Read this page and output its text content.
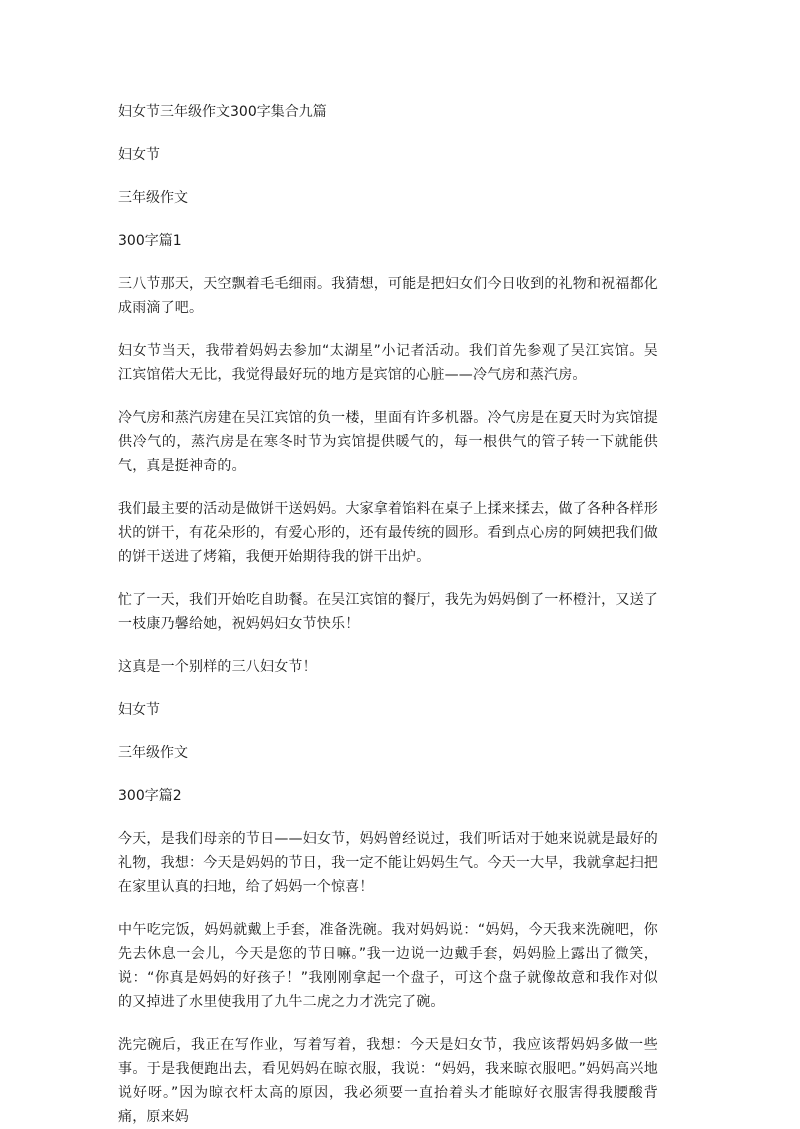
妇女节三年级作文300字集合九篇

妇女节

三年级作文

300字篇1

三八节那天，天空飘着毛毛细雨。我猜想，可能是把妇女们今日收到的礼物和祝福都化成雨滴了吧。

妇女节当天，我带着妈妈去参加“太湖星”小记者活动。我们首先参观了吴江宾馆。吴江宾馆偌大无比，我觉得最好玩的地方是宾馆的心脏——冷气房和蒸汽房。

冷气房和蒸汽房建在吴江宾馆的负一楼，里面有许多机器。冷气房是在夏天时为宾馆提供冷气的，蒸汽房是在寒冬时节为宾馆提供暖气的，每一根供气的管子转一下就能供气，真是挺神奇的。

我们最主要的活动是做饼干送妈妈。大家拿着馅料在桌子上揉来揉去，做了各种各样形状的饼干，有花朵形的，有爱心形的，还有最传统的圆形。看到点心房的阿姨把我们做的饼干送进了烤箱，我便开始期待我的饼干出炉。

忙了一天，我们开始吃自助餐。在吴江宾馆的餐厅，我先为妈妈倒了一杯橙汁，又送了一枝康乃馨给她，祝妈妈妇女节快乐！

这真是一个别样的三八妇女节！

妇女节

三年级作文

300字篇2

今天，是我们母亲的节日——妇女节，妈妈曾经说过，我们听话对于她来说就是最好的礼物，我想：今天是妈妈的节日，我一定不能让妈妈生气。今天一大早，我就拿起扫把在家里认真的扫地，给了妈妈一个惊喜！

中午吃完饭，妈妈就戴上手套，准备洗碗。我对妈妈说：“妈妈，今天我来洗碗吧，你先去休息一会儿，今天是您的节日嘛。”我一边说一边戴手套，妈妈脸上露出了微笑，说：“你真是妈妈的好孩子！”我刚刚拿起一个盘子，可这个盘子就像故意和我作对似的又掉进了水里使我用了九牛二虎之力才洗完了碗。

洗完碗后，我正在写作业，写着写着，我想：今天是妇女节，我应该帮妈妈多做一些事。于是我便跑出去，看见妈妈在晾衣服，我说：“妈妈，我来晾衣服吧。”妈妈高兴地说好呀。”因为晾衣杆太高的原因，我必须要一直抬着头才能晾好衣服害得我腰酸背痛，原来妈
